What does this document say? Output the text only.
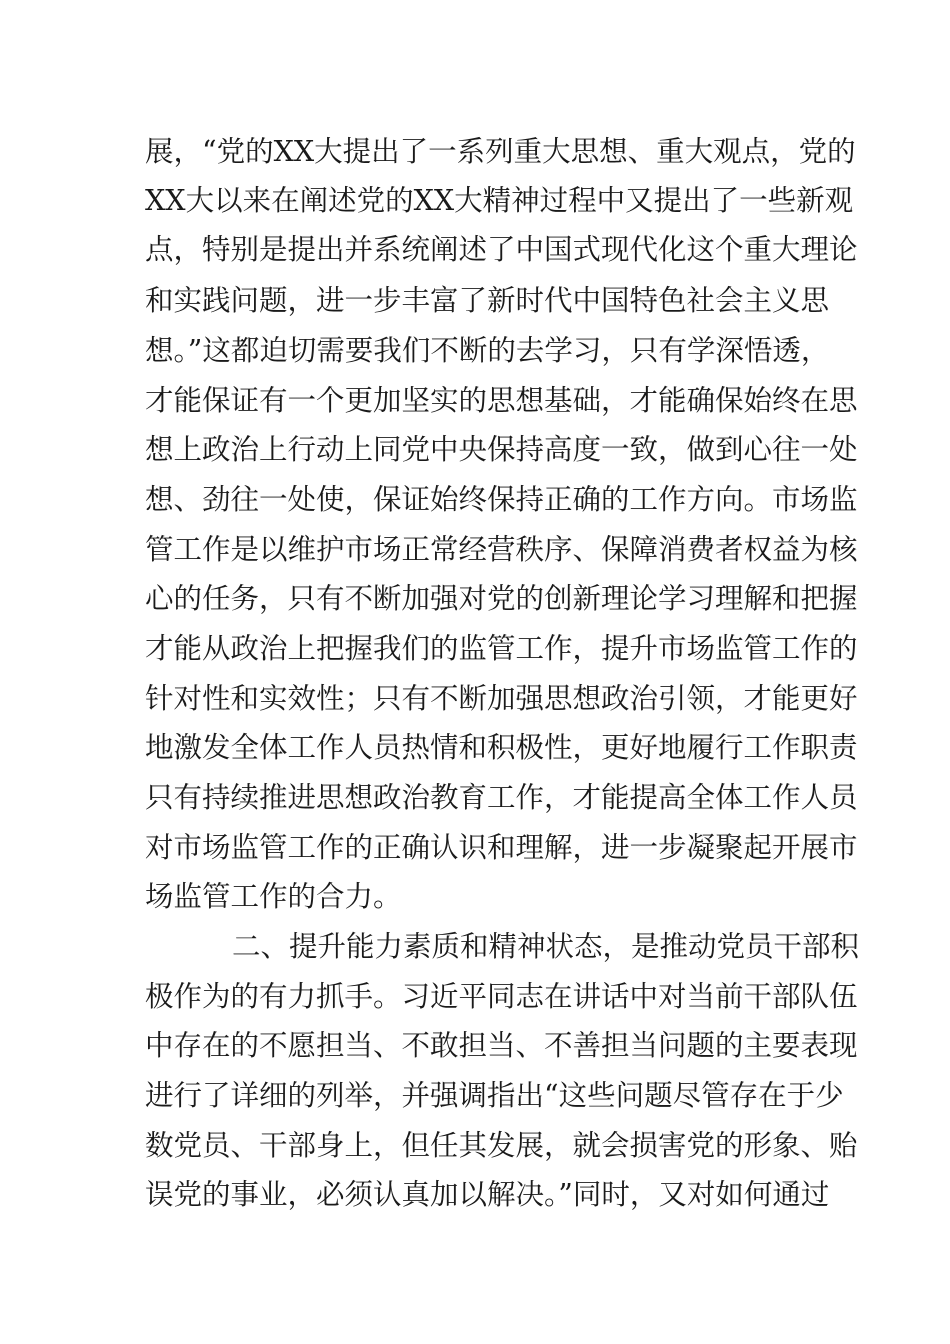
展，“党的XX大提出了一系列重大思想、重大观点，党的
XX大以来在阐述党的XX大精神过程中又提出了一些新观
点，特别是提出并系统阐述了中国式现代化这个重大理论
和实践问题，进一步丰富了新时代中国特色社会主义思
想。”这都迫切需要我们不断的去学习，只有学深悟透，
才能保证有一个更加坚实的思想基础，才能确保始终在思
想上政治上行动上同党中央保持高度一致，做到心往一处
想、劲往一处使，保证始终保持正确的工作方向。市场监
管工作是以维护市场正常经营秩序、保障消费者权益为核
心的任务，只有不断加强对党的创新理论学习理解和把握
才能从政治上把握我们的监管工作，提升市场监管工作的
针对性和实效性；只有不断加强思想政治引领，才能更好
地激发全体工作人员热情和积极性，更好地履行工作职责
只有持续推进思想政治教育工作，才能提高全体工作人员
对市场监管工作的正确认识和理解，进一步凝聚起开展市
场监管工作的合力。
二、提升能力素质和精神状态，是推动党员干部积
极作为的有力抓手。习近平同志在讲话中对当前干部队伍
中存在的不愿担当、不敢担当、不善担当问题的主要表现
进行了详细的列举，并强调指出“这些问题尽管存在于少
数党员、干部身上，但任其发展，就会损害党的形象、贻
误党的事业，必须认真加以解决。”同时，又对如何通过
